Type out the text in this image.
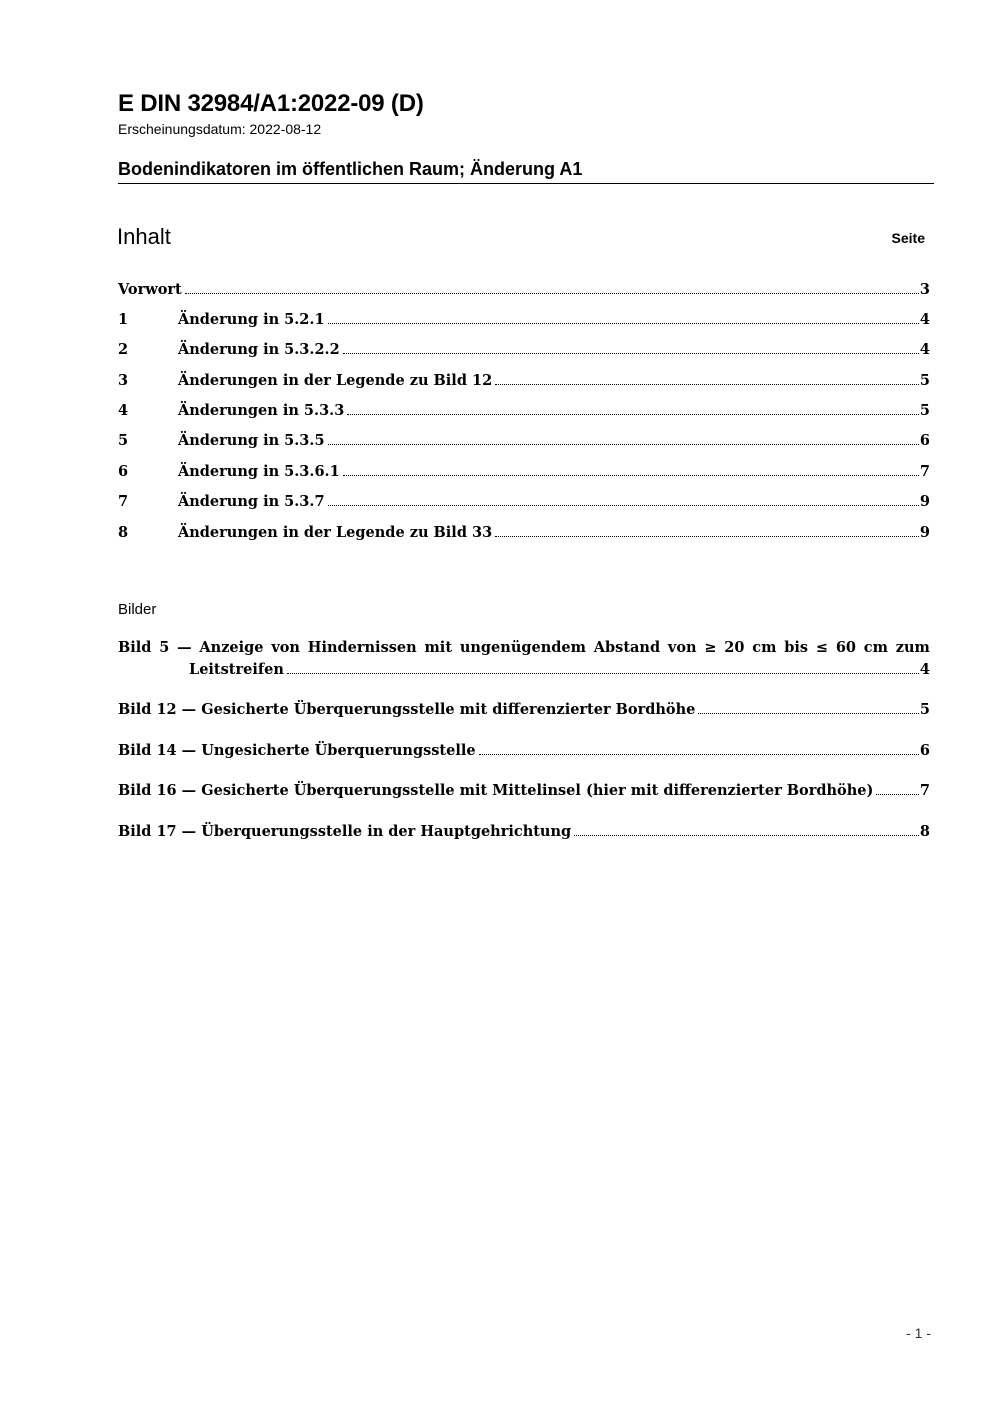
E DIN 32984/A1:2022-09 (D)
Erscheinungsdatum: 2022-08-12
Bodenindikatoren im öffentlichen Raum; Änderung A1
Inhalt	Seite
Vorwort	3
1	Änderung in 5.2.1	4
2	Änderung in 5.3.2.2	4
3	Änderungen in der Legende zu Bild 12	5
4	Änderungen in 5.3.3	5
5	Änderung in 5.3.5	6
6	Änderung in 5.3.6.1	7
7	Änderung in 5.3.7	9
8	Änderungen in der Legende zu Bild 33	9
Bilder
Bild 5 — Anzeige von Hindernissen mit ungenügendem Abstand von ≥ 20 cm bis ≤ 60 cm zum
Leitstreifen	4
Bild 12 — Gesicherte Überquerungsstelle mit differenzierter Bordhöhe	5
Bild 14 — Ungesicherte Überquerungsstelle	6
Bild 16 — Gesicherte Überquerungsstelle mit Mittelinsel (hier mit differenzierter Bordhöhe)	7
Bild 17 — Überquerungsstelle in der Hauptgehrichtung	8
- 1 -
